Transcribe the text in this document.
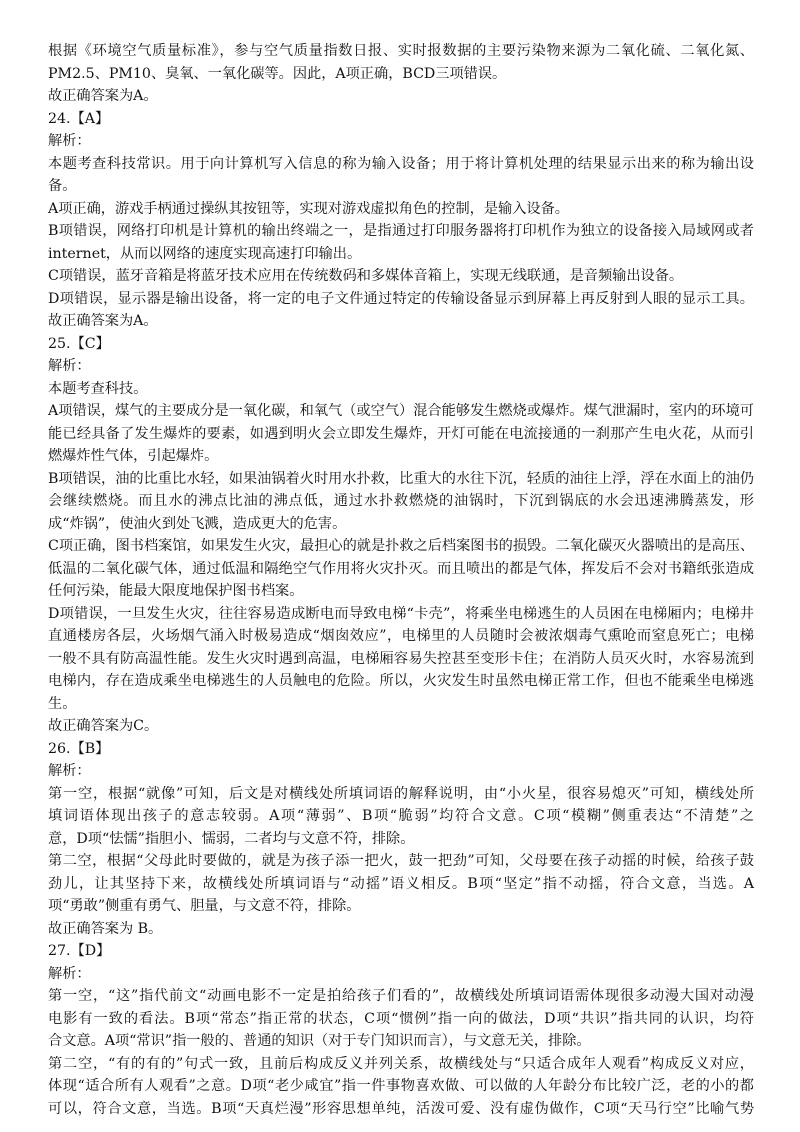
根据《环境空气质量标准》，参与空气质量指数日报、实时报数据的主要污染物来源为二氧化硫、二氧化氮、
PM2.5、PM10、臭氧、一氧化碳等。因此，A项正确，BCD三项错误。
故正确答案为A。
24.【A】
解析：
本题考查科技常识。用于向计算机写入信息的称为输入设备；用于将计算机处理的结果显示出来的称为输出设
备。
A项正确，游戏手柄通过操纵其按钮等，实现对游戏虚拟角色的控制，是输入设备。
B项错误，网络打印机是计算机的输出终端之一，是指通过打印服务器将打印机作为独立的设备接入局域网或者
internet，从而以网络的速度实现高速打印输出。
C项错误，蓝牙音箱是将蓝牙技术应用在传统数码和多媒体音箱上，实现无线联通，是音频输出设备。
D项错误，显示器是输出设备，将一定的电子文件通过特定的传输设备显示到屏幕上再反射到人眼的显示工具。
故正确答案为A。
25.【C】
解析：
本题考查科技。
A项错误，煤气的主要成分是一氧化碳，和氧气（或空气）混合能够发生燃烧或爆炸。煤气泄漏时，室内的环境可
能已经具备了发生爆炸的要素，如遇到明火会立即发生爆炸，开灯可能在电流接通的一刹那产生电火花，从而引
燃爆炸性气体，引起爆炸。
B项错误，油的比重比水轻，如果油锅着火时用水扑救，比重大的水往下沉，轻质的油往上浮，浮在水面上的油仍
会继续燃烧。而且水的沸点比油的沸点低，通过水扑救燃烧的油锅时，下沉到锅底的水会迅速沸腾蒸发，形
成“炸锅”，使油火到处飞溅，造成更大的危害。
C项正确，图书档案馆，如果发生火灾，最担心的就是扑救之后档案图书的损毁。二氧化碳灭火器喷出的是高压、
低温的二氧化碳气体，通过低温和隔绝空气作用将火灾扑灭。而且喷出的都是气体，挥发后不会对书籍纸张造成
任何污染，能最大限度地保护图书档案。
D项错误，一旦发生火灾，往往容易造成断电而导致电梯“卡壳”，将乘坐电梯逃生的人员困在电梯厢内；电梯井
直通楼房各层，火场烟气涌入时极易造成“烟囱效应”，电梯里的人员随时会被浓烟毒气熏呛而窒息死亡；电梯
一般不具有防高温性能。发生火灾时遇到高温，电梯厢容易失控甚至变形卡住；在消防人员灭火时，水容易流到
电梯内，存在造成乘坐电梯逃生的人员触电的危险。所以，火灾发生时虽然电梯正常工作，但也不能乘坐电梯逃
生。
故正确答案为C。
26.【B】
解析：
第一空，根据“就像”可知，后文是对横线处所填词语的解释说明，由“小火星，很容易熄灭”可知，横线处所
填词语体现出孩子的意志较弱。A项“薄弱”、B项“脆弱”均符合文意。C项“模糊”侧重表达“不清楚”之
意，D项“怯懦”指胆小、懦弱，二者均与文意不符，排除。
第二空，根据“父母此时要做的，就是为孩子添一把火，鼓一把劲”可知，父母要在孩子动摇的时候，给孩子鼓
劲儿，让其坚持下来，故横线处所填词语与“动摇”语义相反。B项“坚定”指不动摇，符合文意，当选。A
项“勇敢”侧重有勇气、胆量，与文意不符，排除。
故正确答案为 B。
27.【D】
解析：
第一空，“这”指代前文“动画电影不一定是拍给孩子们看的”，故横线处所填词语需体现很多动漫大国对动漫
电影有一致的看法。B项“常态”指正常的状态，C项“惯例”指一向的做法，D项“共识”指共同的认识，均符
合文意。A项“常识”指一般的、普通的知识（对于专门知识而言），与文意无关，排除。
第二空，“有的有的”句式一致，且前后构成反义并列关系，故横线处与“只适合成年人观看”构成反义对应，
体现“适合所有人观看”之意。D项“老少咸宜”指一件事物喜欢做、可以做的人年龄分布比较广泛，老的小的都
可以，符合文意，当选。B项“天真烂漫”形容思想单纯，活泼可爱、没有虚伪做作，C项“天马行空”比喻气势
